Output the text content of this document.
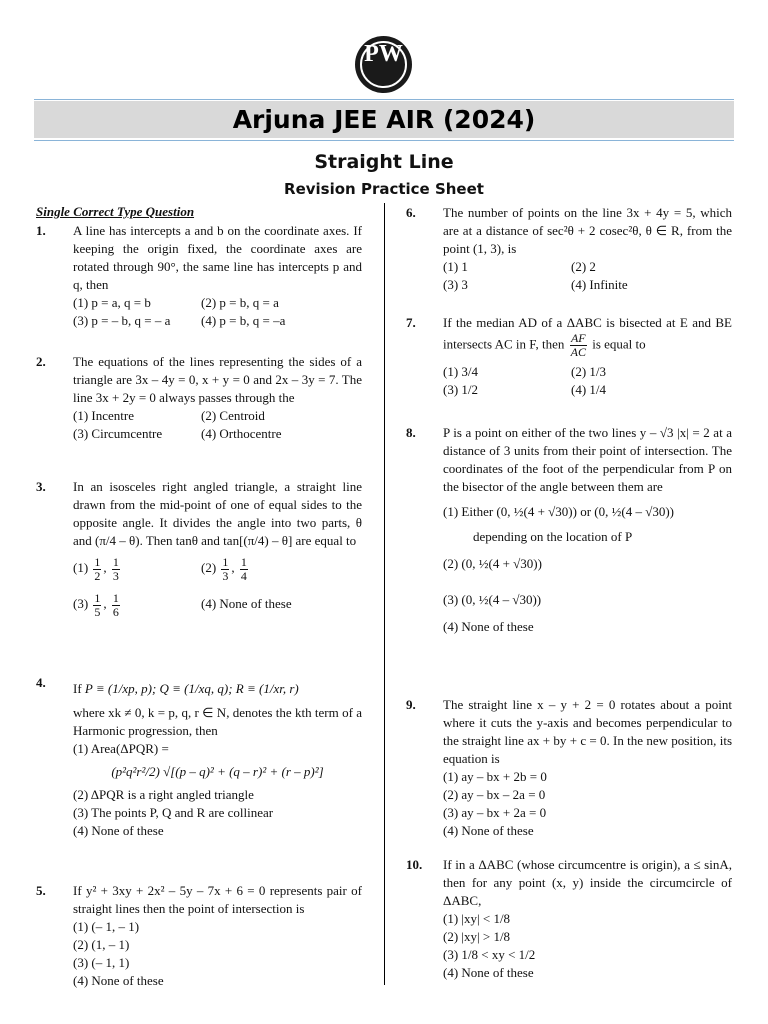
PW
Arjuna JEE AIR (2024)
Straight Line
Revision Practice Sheet
Single Correct Type Question
1. A line has intercepts a and b on the coordinate axes. If keeping the origin fixed, the coordinate axes are rotated through 90°, the same line has intercepts p and q, then
(1) p = a, q = b	(2) p = b, q = a
(3) p = – b, q = – a	(4) p = b, q = –a
2. The equations of the lines representing the sides of a triangle are 3x – 4y = 0, x + y = 0 and 2x – 3y = 7. The line 3x + 2y = 0 always passes through the
(1) Incentre	(2) Centroid
(3) Circumcentre	(4) Orthocentre
3. In an isosceles right angled triangle, a straight line drawn from the mid-point of one of equal sides to the opposite angle. It divides the angle into two parts, θ and (π/4 – θ). Then tanθ and tan[(π/4) – θ] are equal to
$(1) \frac{1}{2}$ , $\frac{1}{3}$	$(2) \frac{1}{3}$ , $\frac{1}{4}$
$(3) \frac{1}{5}$ , $\frac{1}{6}$	(4) None of these
4. If P ≡ (1/xp, p); Q ≡ (1/xq, q); R ≡ (1/xr, r)
where xk ≠ 0, k = p, q, r ∈ N, denotes the kth term of a Harmonic progression, then
(1) Area(ΔPQR) =
(p²q²r²/2) √[(p – q)² + (q – r)² + (r – p)²]
(2) ΔPQR is a right angled triangle
(3) The points P, Q and R are collinear
(4) None of these
5. If y² + 3xy + 2x² – 5y – 7x + 6 = 0 represents pair of straight lines then the point of intersection is
(1) (– 1, – 1)
(2) (1, – 1)
(3) (– 1, 1)
(4) None of these
6. The number of points on the line 3x + 4y = 5, which are at a distance of sec²θ + 2 cosec²θ, θ ∈ R, from the point (1, 3), is
(1) 1	(2) 2
(3) 3	(4) Infinite
7. If the median AD of a ΔABC is bisected at E and BE intersects AC in F, then $\frac{AF}{AC}$ is equal to
(1) 3/4	(2) 1/3
(3) 1/2	(4) 1/4
8. P is a point on either of the two lines y – √3 |x| = 2 at a distance of 3 units from their point of intersection. The coordinates of the foot of the perpendicular from P on the bisector of the angle between them are
(1) Either (0, ½(4 + √30)) or (0, ½(4 – √30))
depending on the location of P
(2) (0, ½(4 + √30))
(3) (0, ½(4 – √30))
(4) None of these
9. The straight line x – y + 2 = 0 rotates about a point where it cuts the y-axis and becomes perpendicular to the straight line ax + by + c = 0. In the new position, its equation is
(1) ay – bx + 2b = 0
(2) ay – bx – 2a = 0
(3) ay – bx + 2a = 0
(4) None of these
10. If in a ΔABC (whose circumcentre is origin), a ≤ sinA, then for any point (x, y) inside the circumcircle of ΔABC,
(1) |xy| < 1/8
(2) |xy| > 1/8
(3) 1/8 < xy < 1/2
(4) None of these
